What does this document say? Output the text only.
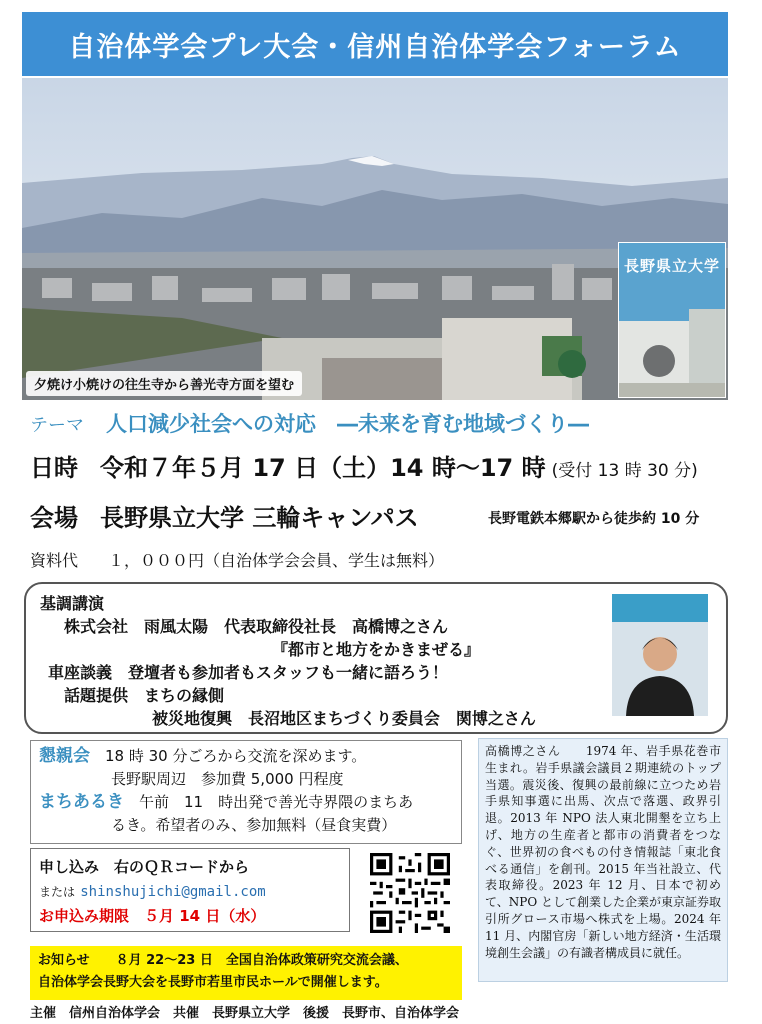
自治体学会プレ大会・信州自治体学会フォーラム
夕焼け小焼けの往生寺から善光寺方面を望む
長野県立大学
テーマ 人口減少社会への対応　―未来を育む地域づくり―
日時 令和７年５月 17 日（土）14 時〜17 時 (受付 13 時 30 分)
会場 長野県立大学 三輪キャンパス	長野電鉄本郷駅から徒歩約 10 分
資料代 １，０００円（自治体学会会員、学生は無料）
基調講演
株式会社　雨風太陽　代表取締役社長　高橋博之さん
『都市と地方をかきまぜる』
車座談義　登壇者も参加者もスタッフも一緒に語ろう！
話題提供　まちの縁側
被災地復興　長沼地区まちづくり委員会　関博之さん
懇親会　 18 時 30 分ごろから交流を深めます。
長野駅周辺　参加費 5,000 円程度
まちあるき　 午前　11　時出発で善光寺界隈のまちあ
るき。希望者のみ、参加無料（昼食実費）
高橋博之さん　　1974 年、岩手県花巻市生まれ。岩手県議会議員２期連続のトップ当選。震災後、復興の最前線に立つため岩手県知事選に出馬、次点で落選、政界引退。2013 年 NPO 法人東北開墾を立ち上げ、地方の生産者と都市の消費者をつなぐ、世界初の食べもの付き情報誌「東北食べる通信」を創刊。2015 年当社設立、代表取締役。2023 年 12 月、日本で初めて、NPO として創業した企業が東京証券取引所グロース市場へ株式を上場。2024 年 11 月、内閣官房「新しい地方経済・生活環境創生会議」の有識者構成員に就任。
申し込み　右のＱＲコードから
または shinshujichi@gmail.com
お申込み期限　５月 14 日（水）
お知らせ　　８月 22〜23 日　全国自治体政策研究交流会議、
自治体学会長野大会を長野市若里市民ホールで開催します。
主催　信州自治体学会　共催　長野県立大学　後援　長野市、自治体学会
